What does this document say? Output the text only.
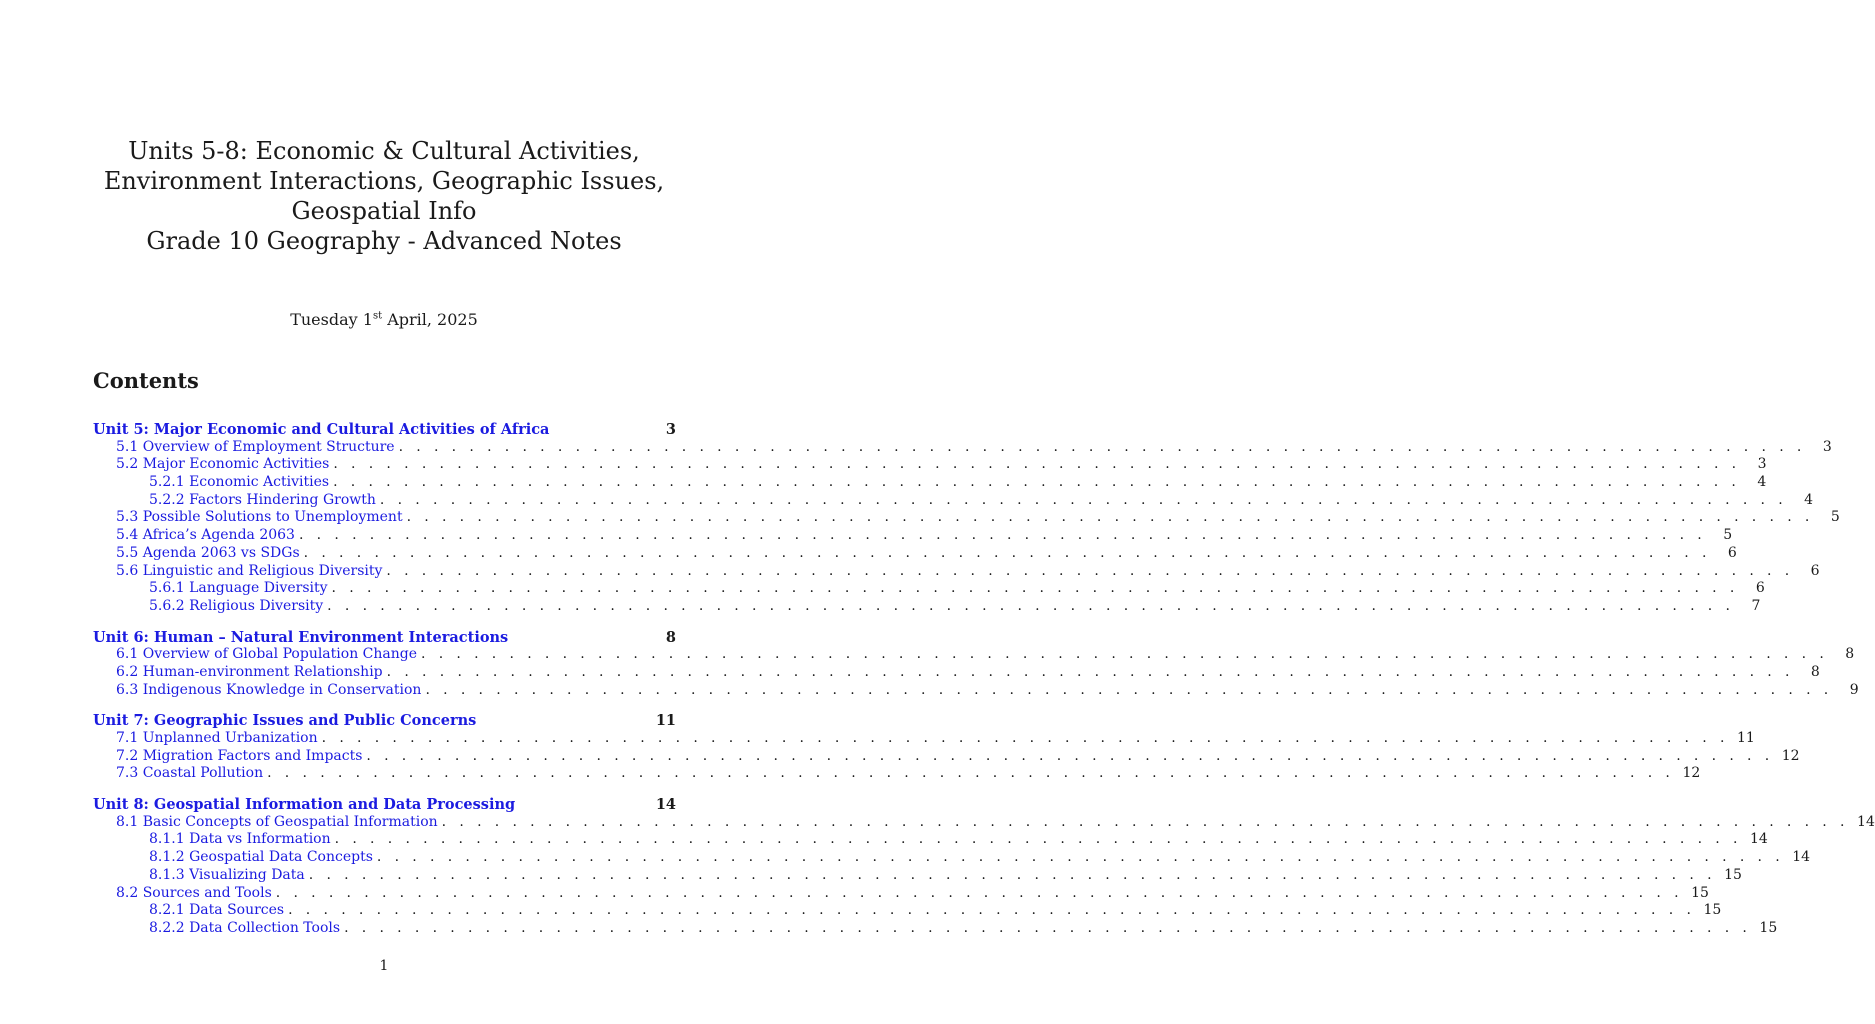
Units 5-8: Economic & Cultural Activities,
Environment Interactions, Geographic Issues,
Geospatial Info
Grade 10 Geography - Advanced Notes
Tuesday 1st April, 2025
Contents
Unit 5: Major Economic and Cultural Activities of Africa	3
5.1 Overview of Employment Structure . . . . . . . . . . . . . . . . . . . . . . . . . . . . . . . . . . . . . . . . . . . . . . . . . . . . . . . . . . . . . . . . . . . . . . . . . . . . . . . .	3
5.2 Major Economic Activities . . . . . . . . . . . . . . . . . . . . . . . . . . . . . . . . . . . . . . . . . . . . . . . . . . . . . . . . . . . . . . . . . . . . . . . . . . . . . . . .	3
5.2.1 Economic Activities . . . . . . . . . . . . . . . . . . . . . . . . . . . . . . . . . . . . . . . . . . . . . . . . . . . . . . . . . . . . . . . . . . . . . . . . . . . . . . . .	4
5.2.2 Factors Hindering Growth . . . . . . . . . . . . . . . . . . . . . . . . . . . . . . . . . . . . . . . . . . . . . . . . . . . . . . . . . . . . . . . . . . . . . . . . . . . . . . . .	4
5.3 Possible Solutions to Unemployment . . . . . . . . . . . . . . . . . . . . . . . . . . . . . . . . . . . . . . . . . . . . . . . . . . . . . . . . . . . . . . . . . . . . . . . . . . . . . . . .	5
5.4 Africa’s Agenda 2063 . . . . . . . . . . . . . . . . . . . . . . . . . . . . . . . . . . . . . . . . . . . . . . . . . . . . . . . . . . . . . . . . . . . . . . . . . . . . . . . .	5
5.5 Agenda 2063 vs SDGs . . . . . . . . . . . . . . . . . . . . . . . . . . . . . . . . . . . . . . . . . . . . . . . . . . . . . . . . . . . . . . . . . . . . . . . . . . . . . . . .	6
5.6 Linguistic and Religious Diversity . . . . . . . . . . . . . . . . . . . . . . . . . . . . . . . . . . . . . . . . . . . . . . . . . . . . . . . . . . . . . . . . . . . . . . . . . . . . . . . .	6
5.6.1 Language Diversity . . . . . . . . . . . . . . . . . . . . . . . . . . . . . . . . . . . . . . . . . . . . . . . . . . . . . . . . . . . . . . . . . . . . . . . . . . . . . . . .	6
5.6.2 Religious Diversity . . . . . . . . . . . . . . . . . . . . . . . . . . . . . . . . . . . . . . . . . . . . . . . . . . . . . . . . . . . . . . . . . . . . . . . . . . . . . . . .	7
Unit 6: Human – Natural Environment Interactions	8
6.1 Overview of Global Population Change . . . . . . . . . . . . . . . . . . . . . . . . . . . . . . . . . . . . . . . . . . . . . . . . . . . . . . . . . . . . . . . . . . . . . . . . . . . . . . . .	8
6.2 Human-environment Relationship . . . . . . . . . . . . . . . . . . . . . . . . . . . . . . . . . . . . . . . . . . . . . . . . . . . . . . . . . . . . . . . . . . . . . . . . . . . . . . . .	8
6.3 Indigenous Knowledge in Conservation . . . . . . . . . . . . . . . . . . . . . . . . . . . . . . . . . . . . . . . . . . . . . . . . . . . . . . . . . . . . . . . . . . . . . . . . . . . . . . . .	9
Unit 7: Geographic Issues and Public Concerns	11
7.1 Unplanned Urbanization . . . . . . . . . . . . . . . . . . . . . . . . . . . . . . . . . . . . . . . . . . . . . . . . . . . . . . . . . . . . . . . . . . . . . . . . . . . . . . . . 11
7.2 Migration Factors and Impacts . . . . . . . . . . . . . . . . . . . . . . . . . . . . . . . . . . . . . . . . . . . . . . . . . . . . . . . . . . . . . . . . . . . . . . . . . . . . . . . . 12
7.3 Coastal Pollution . . . . . . . . . . . . . . . . . . . . . . . . . . . . . . . . . . . . . . . . . . . . . . . . . . . . . . . . . . . . . . . . . . . . . . . . . . . . . . . . 12
Unit 8: Geospatial Information and Data Processing	14
8.1 Basic Concepts of Geospatial Information . . . . . . . . . . . . . . . . . . . . . . . . . . . . . . . . . . . . . . . . . . . . . . . . . . . . . . . . . . . . . . . . . . . . . . . . . . . . . . . . 14
8.1.1 Data vs Information . . . . . . . . . . . . . . . . . . . . . . . . . . . . . . . . . . . . . . . . . . . . . . . . . . . . . . . . . . . . . . . . . . . . . . . . . . . . . . . . 14
8.1.2 Geospatial Data Concepts . . . . . . . . . . . . . . . . . . . . . . . . . . . . . . . . . . . . . . . . . . . . . . . . . . . . . . . . . . . . . . . . . . . . . . . . . . . . . . . . 14
8.1.3 Visualizing Data . . . . . . . . . . . . . . . . . . . . . . . . . . . . . . . . . . . . . . . . . . . . . . . . . . . . . . . . . . . . . . . . . . . . . . . . . . . . . . . . 15
8.2 Sources and Tools . . . . . . . . . . . . . . . . . . . . . . . . . . . . . . . . . . . . . . . . . . . . . . . . . . . . . . . . . . . . . . . . . . . . . . . . . . . . . . . . 15
8.2.1 Data Sources . . . . . . . . . . . . . . . . . . . . . . . . . . . . . . . . . . . . . . . . . . . . . . . . . . . . . . . . . . . . . . . . . . . . . . . . . . . . . . . . 15
8.2.2 Data Collection Tools . . . . . . . . . . . . . . . . . . . . . . . . . . . . . . . . . . . . . . . . . . . . . . . . . . . . . . . . . . . . . . . . . . . . . . . . . . . . . . . . 15
1
